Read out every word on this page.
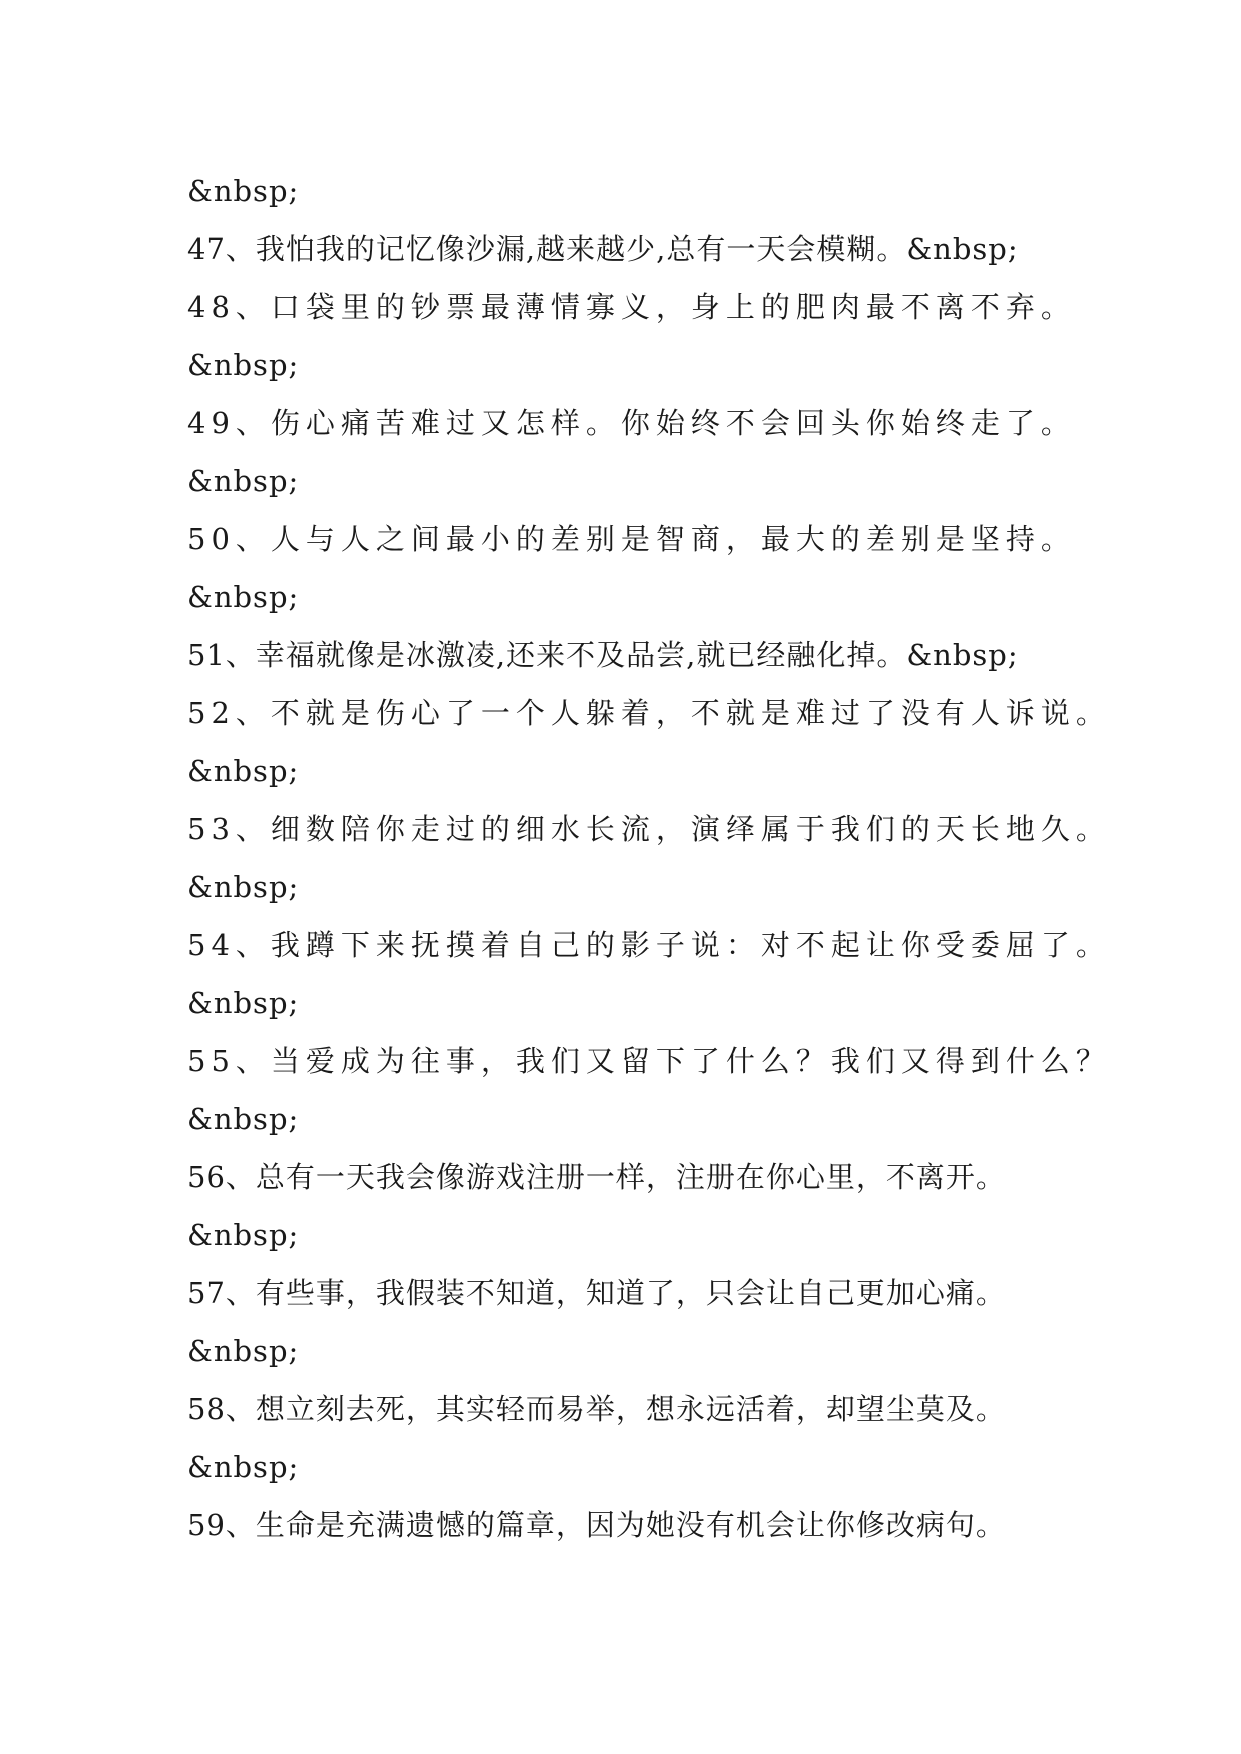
&nbsp;
47、我怕我的记忆像沙漏,越来越少,总有一天会模糊。&nbsp;
48、口袋里的钞票最薄情寡义，身上的肥肉最不离不弃。
&nbsp;
49、伤心痛苦难过又怎样。你始终不会回头你始终走了。
&nbsp;
50、人与人之间最小的差别是智商，最大的差别是坚持。
&nbsp;
51、幸福就像是冰激凌,还来不及品尝,就已经融化掉。&nbsp;
52、不就是伤心了一个人躲着，不就是难过了没有人诉说。
&nbsp;
53、细数陪你走过的细水长流，演绎属于我们的天长地久。
&nbsp;
54、我蹲下来抚摸着自己的影子说：对不起让你受委屈了。
&nbsp;
55、当爱成为往事，我们又留下了什么？我们又得到什么？
&nbsp;
56、总有一天我会像游戏注册一样，注册在你心里，不离开。
&nbsp;
57、有些事，我假装不知道，知道了，只会让自己更加心痛。
&nbsp;
58、想立刻去死，其实轻而易举，想永远活着，却望尘莫及。
&nbsp;
59、生命是充满遗憾的篇章，因为她没有机会让你修改病句。
